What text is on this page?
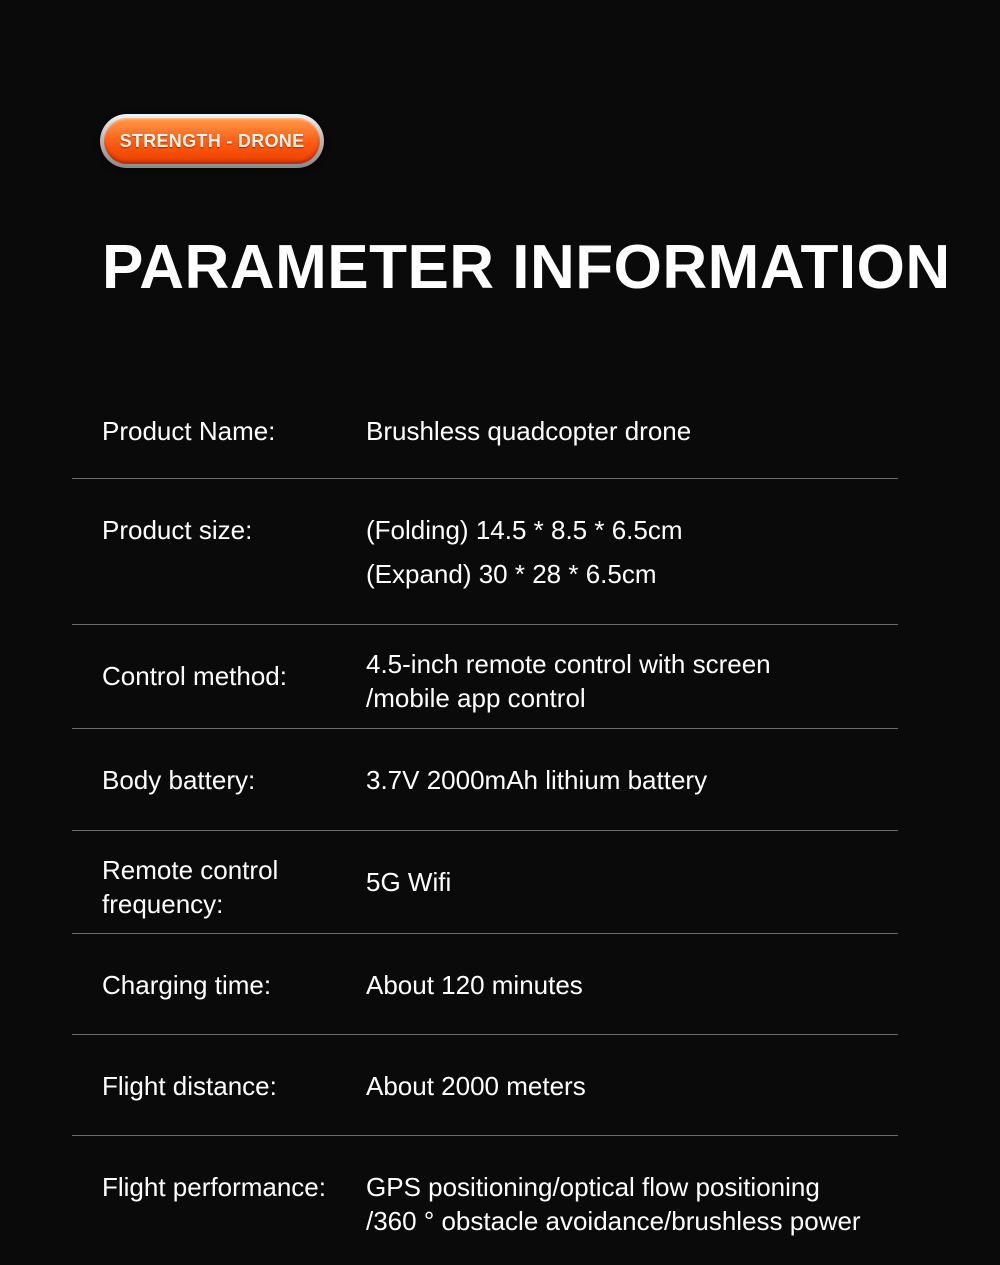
STRENGTH - DRONE
PARAMETER INFORMATION
Product Name:	Brushless quadcopter drone
Product size:	(Folding) 14.5 * 8.5 * 6.5cm
(Expand) 30 * 28 * 6.5cm
Control method:	4.5-inch remote control with screen
/mobile app control
Body battery:	3.7V 2000mAh lithium battery
Remote control
frequency:
5G Wifi
Charging time:	About 120 minutes
Flight distance:	About 2000 meters
Flight performance: GPS positioning/optical flow positioning
/360 ° obstacle avoidance/brushless power
